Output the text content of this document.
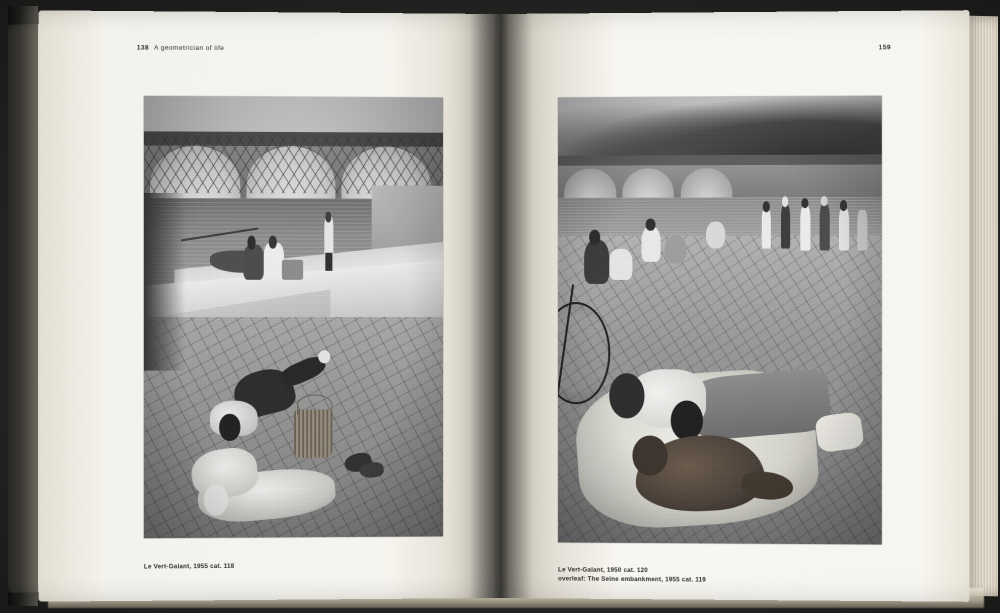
138 A geometrician of life
Le Vert-Galant, 1955 cat. 118
159
Le Vert-Galant, 1950 cat. 120
overleaf: The Seine embankment, 1955 cat. 119
